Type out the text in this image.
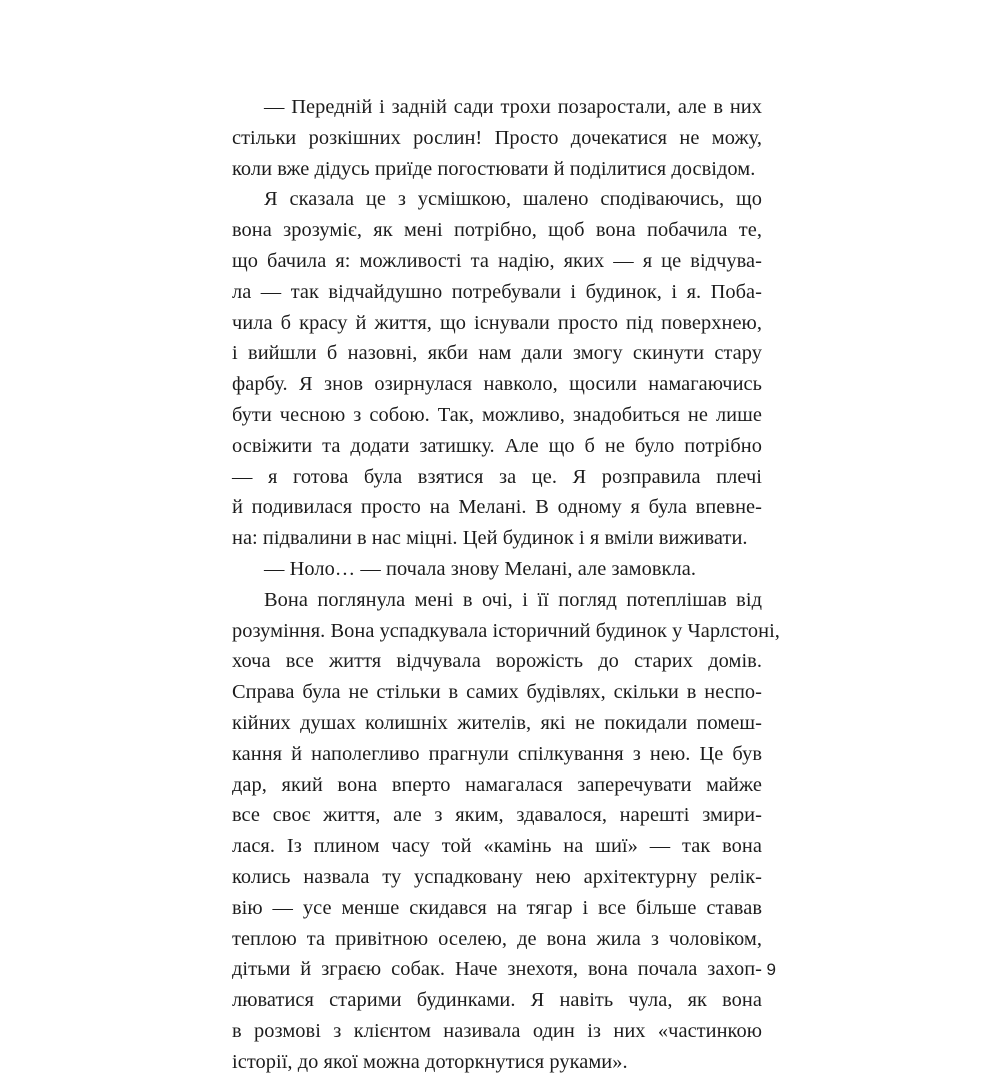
— Передній і задній сади трохи позаростали, але в них
стільки розкішних рослин! Просто дочекатися не можу,
коли вже дідусь приїде погостювати й поділитися досвідом.
Я сказала це з усмішкою, шалено сподіваючись, що
вона зрозуміє, як мені потрібно, щоб вона побачила те,
що бачила я: можливості та надію, яких — я це відчува-
ла — так відчайдушно потребували і будинок, і я. Поба-
чила б красу й життя, що існували просто під поверхнею,
і вийшли б назовні, якби нам дали змогу скинути стару
фарбу. Я знов озирнулася навколо, щосили намагаючись
бути чесною з собою. Так, можливо, знадобиться не лише
освіжити та додати затишку. Але що б не було потрібно
— я готова була взятися за це. Я розправила плечі
й подивилася просто на Мелані. В одному я була впевне-
на: підвалини в нас міцні. Цей будинок і я вміли виживати.
— Ноло… — почала знову Мелані, але замовкла.
Вона поглянула мені в очі, і її погляд потеплішав від
розуміння. Вона успадкувала історичний будинок у Чарлстоні,
хоча все життя відчувала ворожість до старих домів.
Справа була не стільки в самих будівлях, скільки в неспо-
кійних душах колишніх жителів, які не покидали помеш-
кання й наполегливо прагнули спілкування з нею. Це був
дар, який вона вперто намагалася заперечувати майже
все своє життя, але з яким, здавалося, нарешті змири-
лася. Із плином часу той «камінь на шиї» — так вона
колись назвала ту успадковану нею архітектурну релік-
вію — усе менше скидався на тягар і все більше ставав
теплою та привітною оселею, де вона жила з чоловіком,
дітьми й зграєю собак. Наче знехотя, вона почала захоп-
люватися старими будинками. Я навіть чула, як вона
в розмові з клієнтом називала один із них «частинкою
історії, до якої можна доторкнутися руками».
9
